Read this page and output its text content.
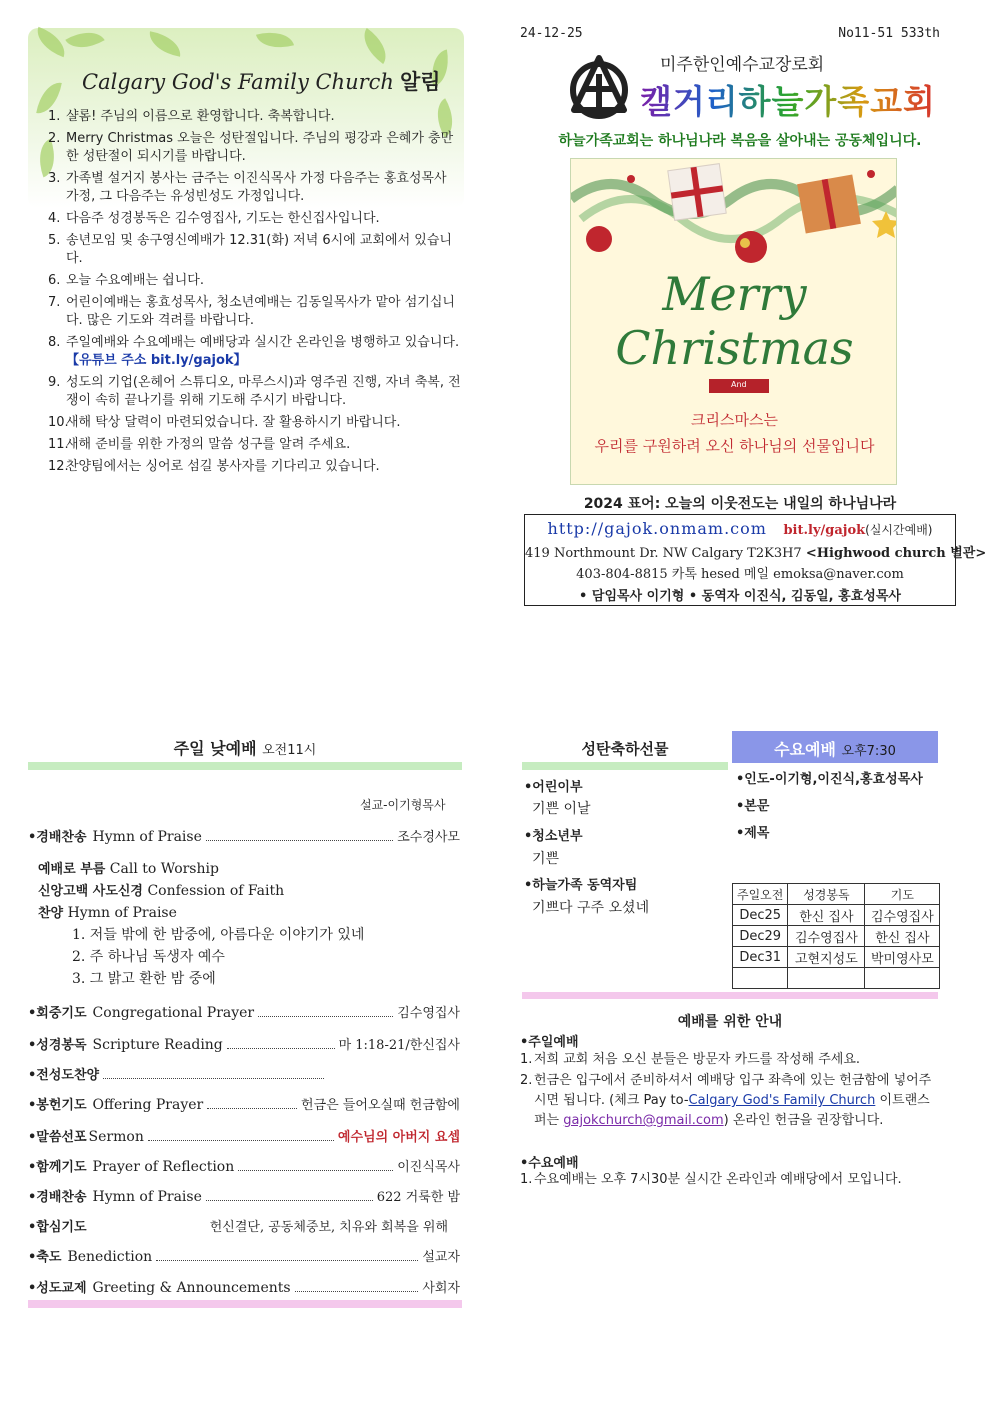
Calgary God's Family Church 알림
1. 샬롬! 주님의 이름으로 환영합니다. 축복합니다.
2. Merry Christmas 오늘은 성탄절입니다. 주님의 평강과 은혜가 충만한 성탄절이 되시기를 바랍니다.
3. 가족별 설거지 봉사는 금주는 이진식목사 가정 다음주는 홍효성목사 가정, 그 다음주는 유성빈성도 가정입니다.
4. 다음주 성경봉독은 김수영집사, 기도는 한신집사입니다.
5. 송년모임 및 송구영신예배가 12.31(화) 저녁 6시에 교회에서 있습니다.
6. 오늘 수요예배는 쉽니다.
7. 어린이예배는 홍효성목사, 청소년예배는 김동일목사가 맡아 섬기십니다. 많은 기도와 격려를 바랍니다.
8. 주일예배와 수요예배는 예배당과 실시간 온라인을 병행하고 있습니다.【유튜브 주소 bit.ly/gajok】
9. 성도의 기업(온헤어 스튜디오, 마루스시)과 영주권 진행, 자녀 축복, 전쟁이 속히 끝나기를 위해 기도해 주시기 바랍니다.
10.
새해 탁상 달력이 마련되었습니다. 잘 활용하시기 바랍니다.
11.
새해 준비를 위한 가정의 말씀 성구를 알려 주세요.
12.
찬양팀에서는 싱어로 섬길 봉사자를 기다리고 있습니다.
24-12-25	No11-51 533th
미주한인예수교장로회
캘거리하늘가족교회
하늘가족교회는 하나님나라 복음을 살아내는 공동체입니다.
Merry
Christmas
And
크리스마스는
우리를 구원하려 오신 하나님의 선물입니다
2024 표어: 오늘의 이웃전도는 내일의 하나님나라
http://gajok.onmam.com bit.ly/gajok(실시간예배)
419 Northmount Dr. NW Calgary T2K3H7 <Highwood church 별관>
403-804-8815 카톡 hesed 메일 emoksa@naver.com
• 담임목사 이기형 • 동역자 이진식, 김동일, 홍효성목사
주일 낮예배 오전11시
설교-이기형목사
•경배찬송 Hymn of Praise	조수경사모
예배로 부름 Call to Worship
신앙고백 사도신경 Confession of Faith
찬양 Hymn of Praise
1. 저들 밖에 한 밤중에, 아름다운 이야기가 있네
2. 주 하나님 독생자 예수
3. 그 밝고 환한 밤 중에
•회중기도 Congregational Prayer	김수영집사
•성경봉독 Scripture Reading	마 1:18-21/한신집사
•전성도찬양
•봉헌기도 Offering Prayer	헌금은 들어오실때 헌금함에
•말씀선포 Sermon	예수님의 아버지 요셉
•함께기도 Prayer of Reflection	이진식목사
•경배찬송 Hymn of Praise	622 거룩한 밤
•합심기도	헌신결단, 공동체중보, 치유와 회복을 위해
•축도 Benediction	설교자
•성도교제 Greeting & Announcements	사회자
성탄축하선물
•어린이부
기쁜 이날
•청소년부
기쁜
•하늘가족 동역자팀
기쁘다 구주 오셨네
수요예배 오후7:30
•인도-이기형,이진식,홍효성목사
•본문
•제목
주일오전	성경봉독	기도
Dec25	한신 집사	김수영집사
Dec29	김수영집사	한신 집사
Dec31	고현지성도	박미영사모

예배를 위한 안내
•주일예배
1. 저희 교회 처음 오신 분들은 방문자 카드를 작성해 주세요.
2. 헌금은 입구에서 준비하셔서 예배당 입구 좌측에 있는 헌금함에 넣어주시면 됩니다. (체크 Pay to-Calgary God's Family Church 이트랜스퍼는 gajokchurch@gmail.com) 온라인 헌금을 권장합니다.
•수요예배
1. 수요예배는 오후 7시30분 실시간 온라인과 예배당에서 모입니다.
